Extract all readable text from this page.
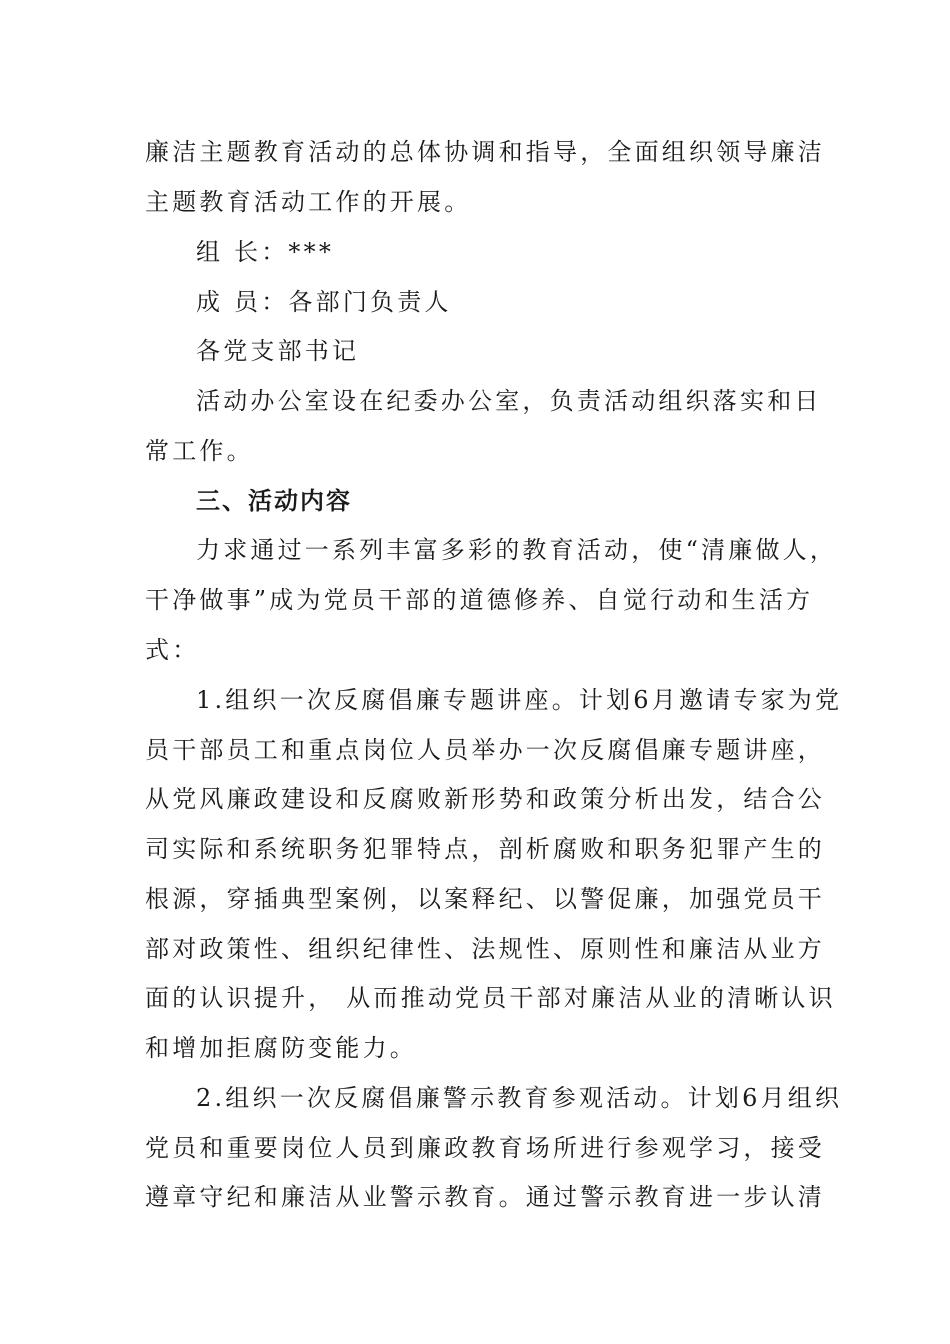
廉洁主题教育活动的总体协调和指导，全面组织领导廉洁
主题教育活动工作的开展。
组 长：***
成 员：各部门负责人
各党支部书记
活动办公室设在纪委办公室，负责活动组织落实和日
常工作。
三、活动内容
力求通过一系列丰富多彩的教育活动，使“清廉做人，
干净做事”成为党员干部的道德修养、自觉行动和生活方
式：
1.组织一次反腐倡廉专题讲座。计划6月邀请专家为党
员干部员工和重点岗位人员举办一次反腐倡廉专题讲座，
从党风廉政建设和反腐败新形势和政策分析出发，结合公
司实际和系统职务犯罪特点，剖析腐败和职务犯罪产生的
根源，穿插典型案例，以案释纪、以警促廉，加强党员干
部对政策性、组织纪律性、法规性、原则性和廉洁从业方
面的认识提升， 从而推动党员干部对廉洁从业的清晰认识
和增加拒腐防变能力。
2.组织一次反腐倡廉警示教育参观活动。计划6月组织
党员和重要岗位人员到廉政教育场所进行参观学习，接受
遵章守纪和廉洁从业警示教育。通过警示教育进一步认清
